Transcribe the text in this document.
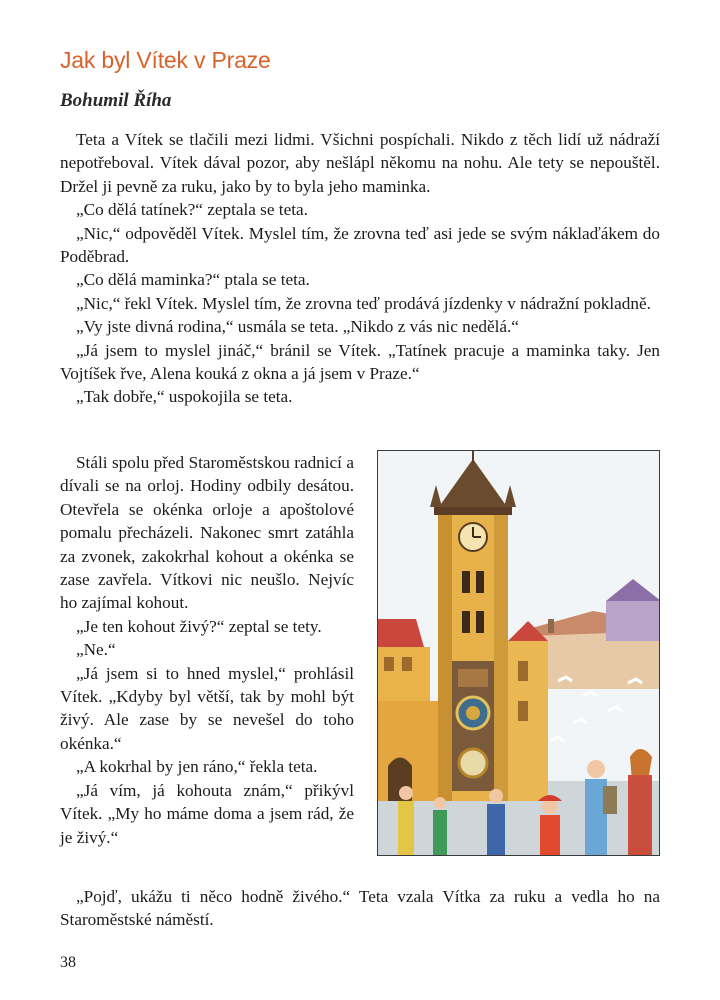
Jak byl Vítek v Praze
Bohumil Říha

Teta a Vítek se tlačili mezi lidmi. Všichni pospíchali. Nikdo z těch lidí už nádraží nepotřeboval. Vítek dával pozor, aby nešlápl někomu na nohu. Ale tety se nepouštěl. Držel ji pevně za ruku, jako by to byla jeho maminka.

„Co dělá tatínek?“ zeptala se teta.

„Nic,“ odpověděl Vítek. Myslel tím, že zrovna teď asi jede se svým náklaďákem do Poděbrad.

„Co dělá maminka?“ ptala se teta.

„Nic,“ řekl Vítek. Myslel tím, že zrovna teď prodává jízdenky v nádražní pokladně.

„Vy jste divná rodina,“ usmála se teta. „Nikdo z vás nic nedělá.“

„Já jsem to myslel jináč,“ bránil se Vítek. „Tatínek pracuje a maminka taky. Jen Vojtíšek řve, Alena kouká z okna a já jsem v Praze.“

„Tak dobře,“ uspokojila se teta.

Stáli spolu před Staroměstskou radnicí a dívali se na orloj. Hodiny odbily desátou. Otevřela se okénka orloje a apoštolové pomalu přecházeli. Nakonec smrt zatáhla za zvonek, zakokrhal kohout a okénka se zase zavřela. Vítkovi nic neušlo. Nejvíc ho zajímal kohout.

„Je ten kohout živý?“ zeptal se tety.

„Ne.“

„Já jsem si to hned myslel,“ prohlásil Vítek. „Kdyby byl větší, tak by mohl být živý. Ale zase by se nevešel do toho okénka.“

„A kokrhal by jen ráno,“ řekla teta.

„Já vím, já kohouta znám,“ přikývl Vítek. „My ho máme doma a jsem rád, že je živý.“

„Pojď, ukážu ti něco hodně živého.“ Teta vzala Vítka za ruku a vedla ho na Staroměstské náměstí.

38
